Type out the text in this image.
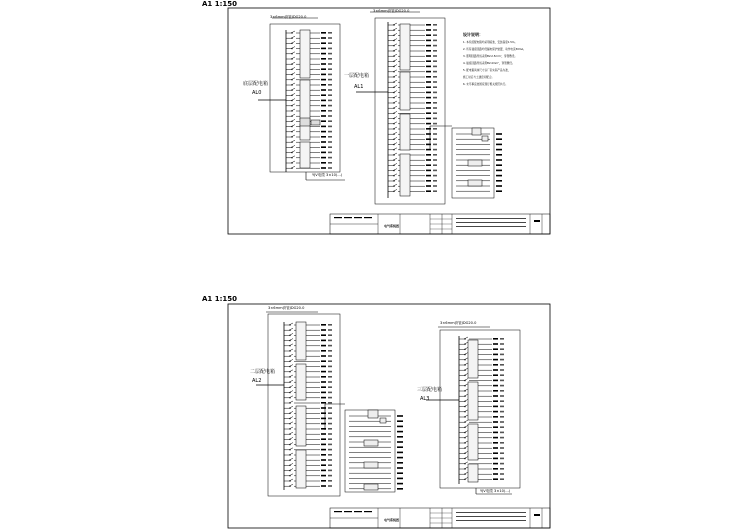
A1 1:150
A1 1:150
3×6mm套管JDG20.0
底层配电箱
AL0
YJV电缆 3×10(...)
3×6mm套管JDG20.0
一层配电箱
AL1
设计说明：
1. 本系统配电箱均采用暗装，安装高度1.5m。
2. 所有插座回路均设漏电保护装置，动作电流30mA。
3. 照明回路导线采用BV-2.5mm²，穿管敷设。
4. 插座回路导线采用BV-4mm²，穿管敷设。
5. 配电箱具体尺寸以厂家实际产品为准，
施工时应与土建密切配合。
6. 未尽事宜按国家现行相关规范执行。
电气系统图
3×6mm套管JDG20.0
二层配电箱
AL2
3×6mm套管JDG20.0
三层配电箱
AL3
YJV电缆 3×10(...)
电气系统图
